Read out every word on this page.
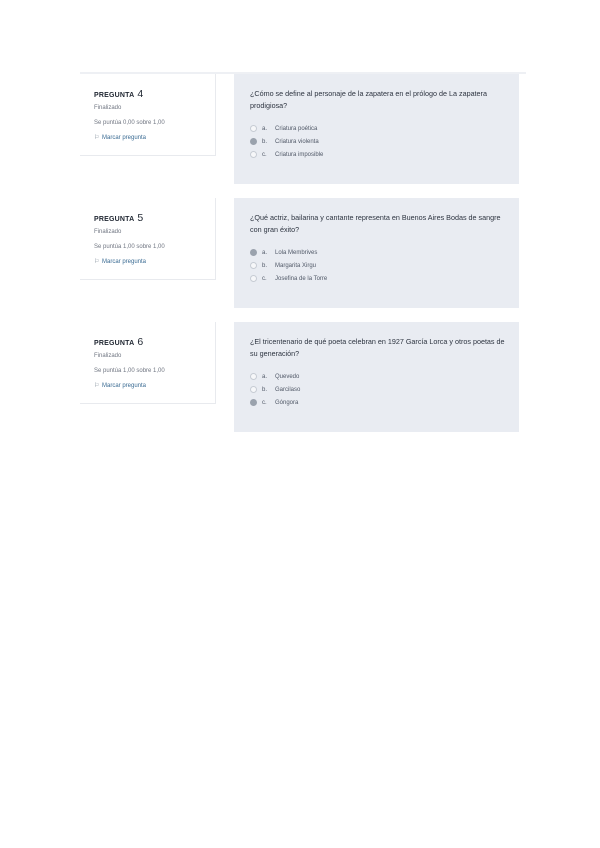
PREGUNTA 4
Finalizado
Se puntúa 0,00 sobre 1,00
⚐ Marcar pregunta

¿Cómo se define al personaje de la zapatera en el prólogo de La zapatera prodigiosa?

a.	Criatura poética
b.	Criatura violenta
c.	Criatura imposible
PREGUNTA 5
Finalizado
Se puntúa 1,00 sobre 1,00
⚐ Marcar pregunta

¿Qué actriz, bailarina y cantante representa en Buenos Aires Bodas de sangre con gran éxito?

a.	Lola Membrives
b.	Margarita Xirgu
c.	Josefina de la Torre
PREGUNTA 6
Finalizado
Se puntúa 1,00 sobre 1,00
⚐ Marcar pregunta

¿El tricentenario de qué poeta celebran en 1927 García Lorca y otros poetas de su generación?

a.	Quevedo
b.	Garcilaso
c.	Góngora
